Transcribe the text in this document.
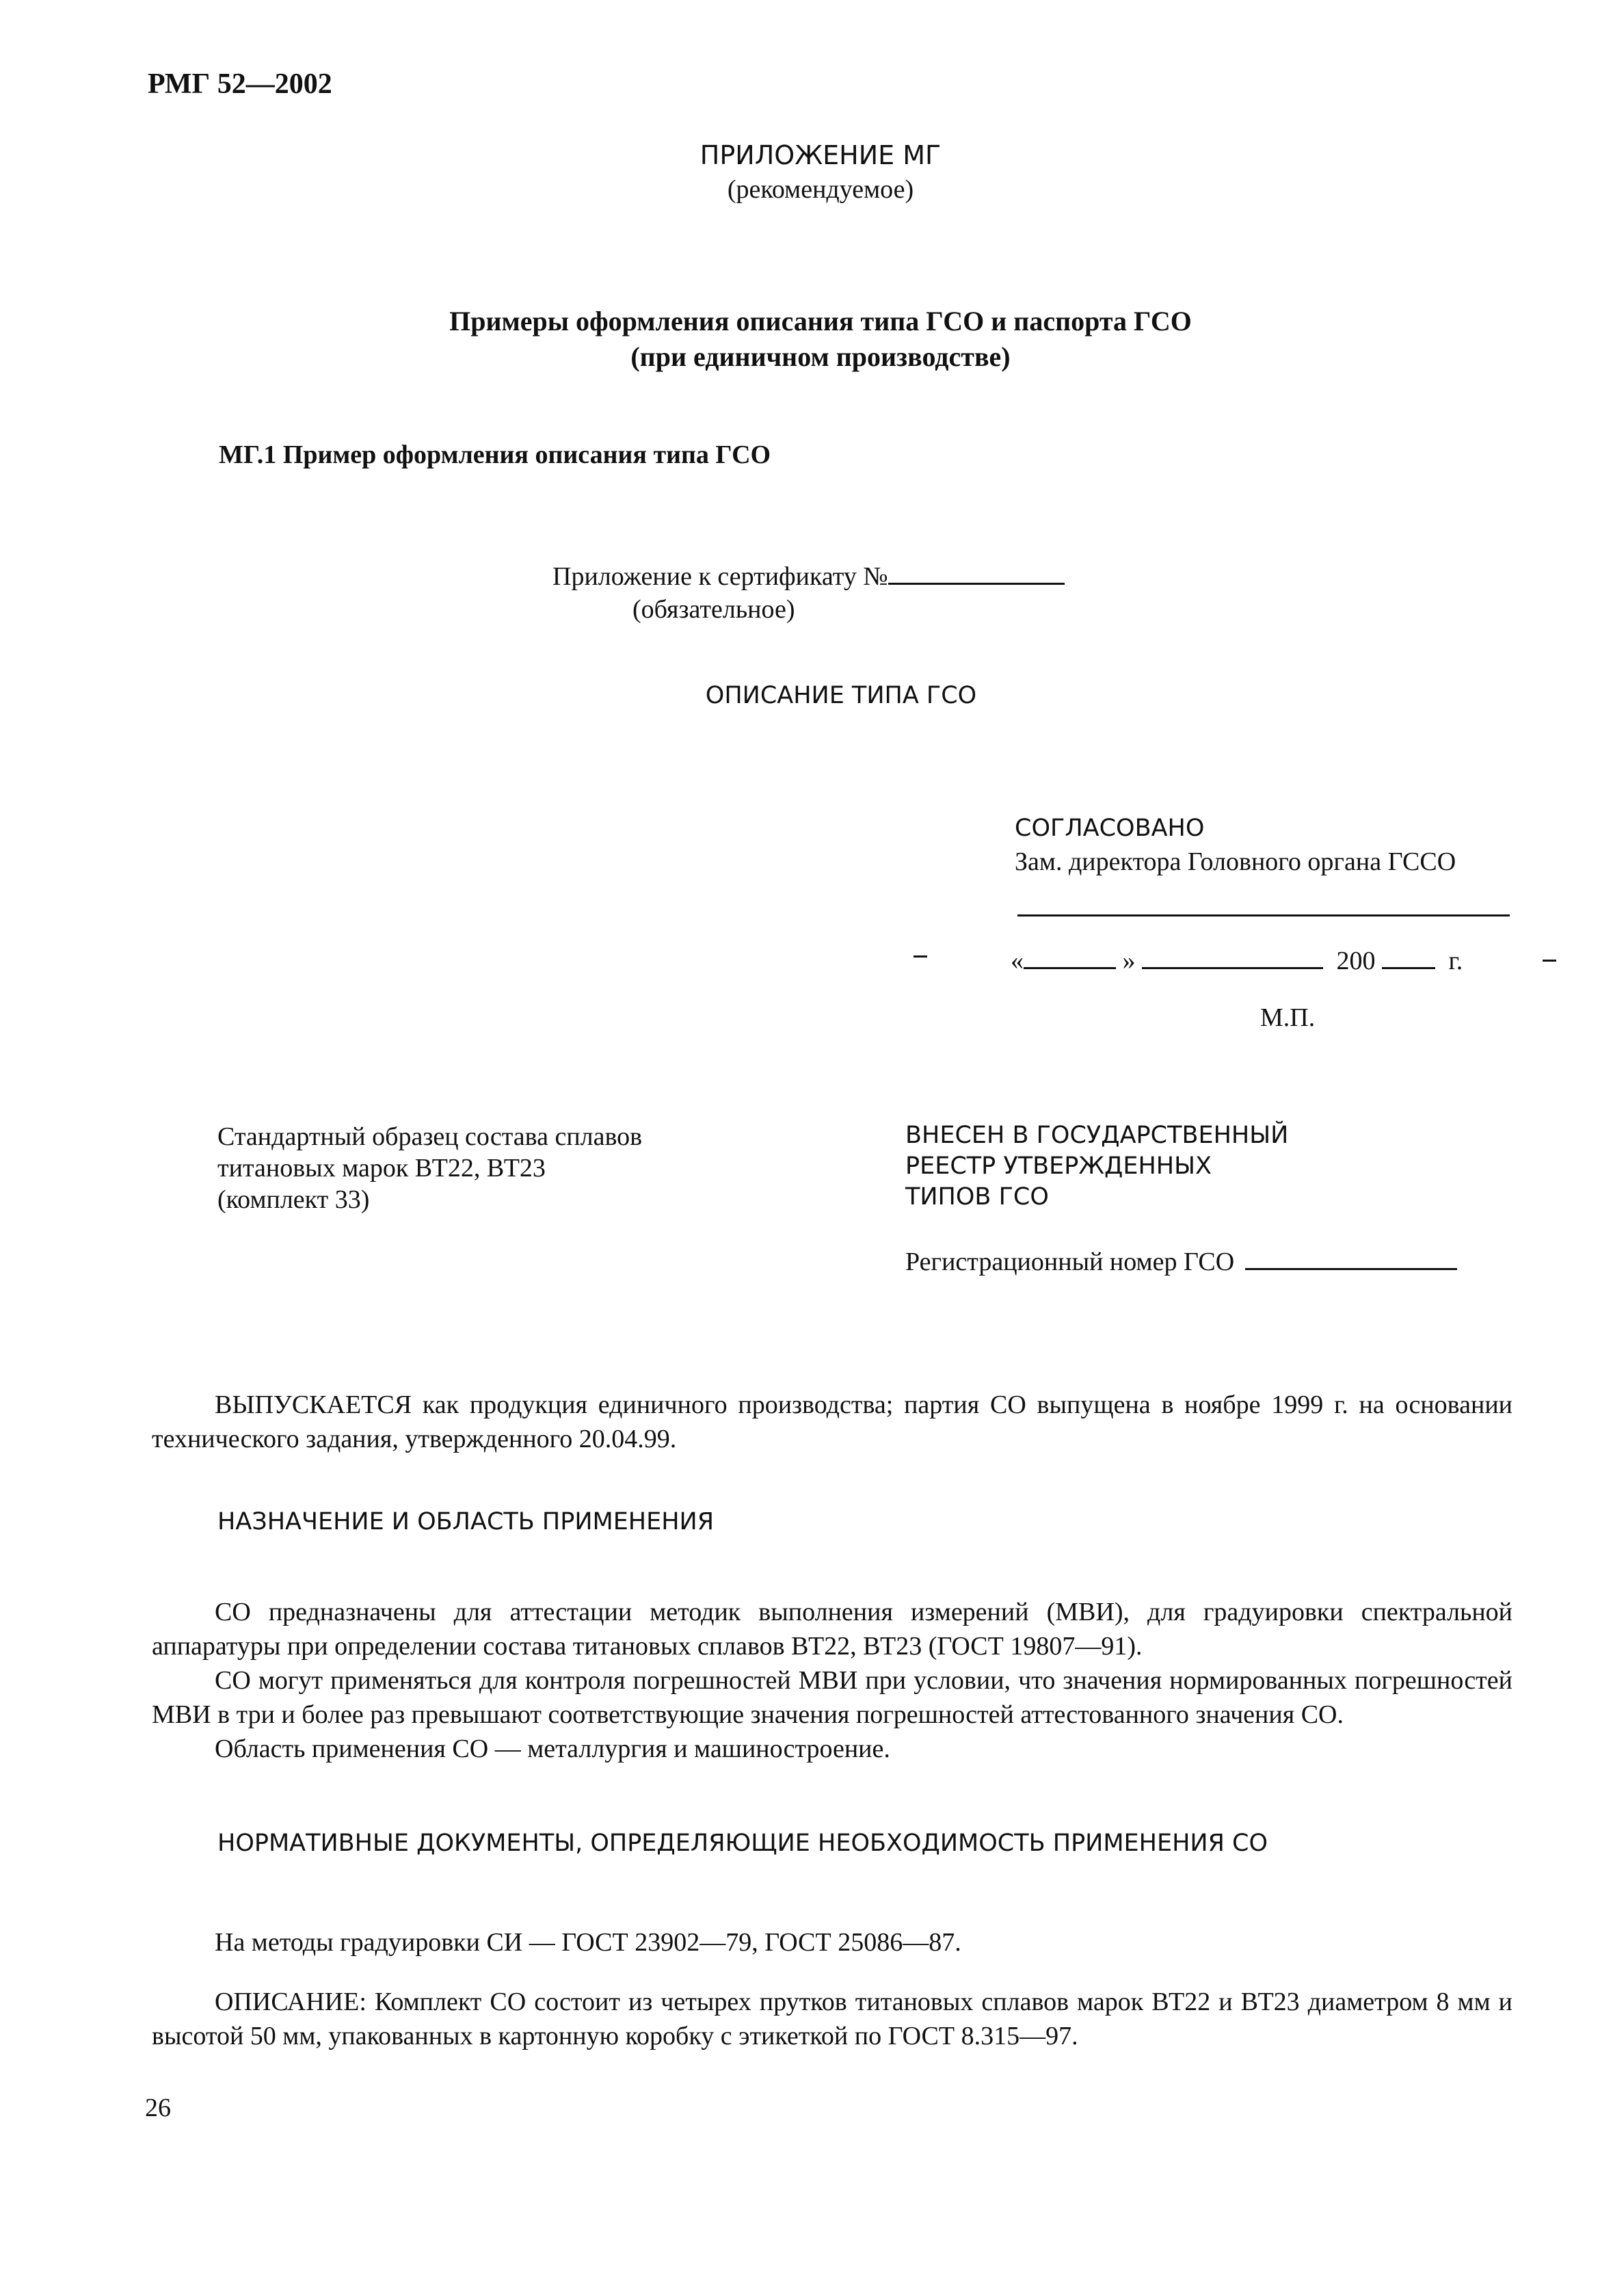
РМГ 52—2002
ПРИЛОЖЕНИЕ МГ
(рекомендуемое)
Примеры оформления описания типа ГСО и паспорта ГСО
(при единичном производстве)
МГ.1 Пример оформления описания типа ГСО
Приложение к сертификату №
(обязательное)
ОПИСАНИЕ ТИПА ГСО
СОГЛАСОВАНО
Зам. директора Головного органа ГССО
«	»	200	г.
М.П.
Стандартный образец состава сплавов
титановых марок ВТ22, ВТ23
(комплект 33)
ВНЕСЕН В ГОСУДАРСТВЕННЫЙ
РЕЕСТР УТВЕРЖДЕННЫХ
ТИПОВ ГСО
Регистрационный номер ГСО
ВЫПУСКАЕТСЯ как продукция единичного производства; партия СО выпущена в ноябре 1999 г. на основании технического задания, утвержденного 20.04.99.
НАЗНАЧЕНИЕ И ОБЛАСТЬ ПРИМЕНЕНИЯ

СО предназначены для аттестации методик выполнения измерений (МВИ), для градуировки спектральной аппаратуры при определении состава титановых сплавов ВТ22, ВТ23 (ГОСТ 19807—91).

СО могут применяться для контроля погрешностей МВИ при условии, что значения нормированных погрешностей МВИ в три и более раз превышают соответствующие значения погрешностей аттестованного значения СО.

Область применения СО — металлургия и машиностроение.

НОРМАТИВНЫЕ ДОКУМЕНТЫ, ОПРЕДЕЛЯЮЩИЕ НЕОБХОДИМОСТЬ ПРИМЕНЕНИЯ СО
На методы градуировки СИ — ГОСТ 23902—79, ГОСТ 25086—87.
ОПИСАНИЕ: Комплект СО состоит из четырех прутков титановых сплавов марок ВТ22 и ВТ23 диаметром 8 мм и высотой 50 мм, упакованных в картонную коробку с этикеткой по ГОСТ 8.315—97.
26
